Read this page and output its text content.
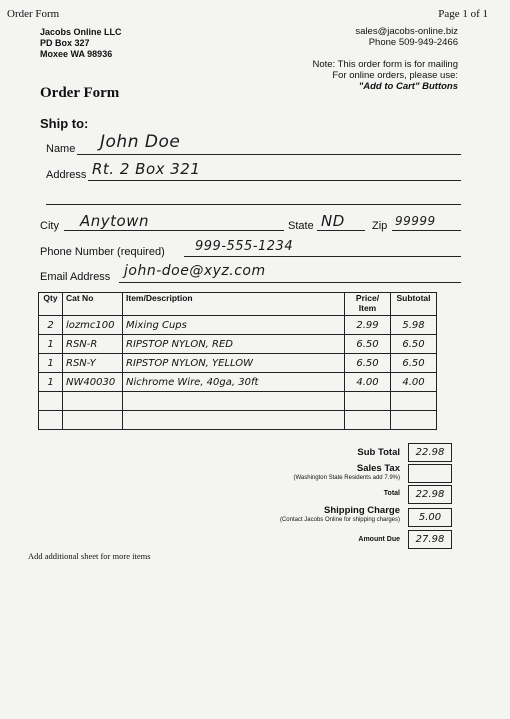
Order Form	Page 1 of 1
Jacobs Online LLC
PD Box 327
Moxee WA 98936
sales@jacobs-online.biz
Phone 509-949-2466
Note: This order form is for mailing
For online orders, please use:
"Add to Cart" Buttons
Order Form
Ship to:
Name John Doe
Address Rt. 2 Box 321
City Anytown	State ND Zip 99999
Phone Number (required) 999-555-1234
Email Address john-doe@xyz.com
Qty	Cat No	Item/Description	Price/ Item	Subtotal
2	lozmc100	Mixing Cups	2.99	5.98
1	RSN-R	RIPSTOP NYLON, RED	6.50	6.50
1	RSN-Y	RIPSTOP NYLON, YELLOW	6.50	6.50
1	NW40030	Nichrome Wire, 40ga, 30ft	4.00	4.00

Sub Total	22.98
Sales Tax
(Washington State Residents add 7.9%)
Total	22.98
Shipping Charge
(Contact Jacobs Online for shipping charges)	5.00
Amount Due	27.98
Add additional sheet for more items
